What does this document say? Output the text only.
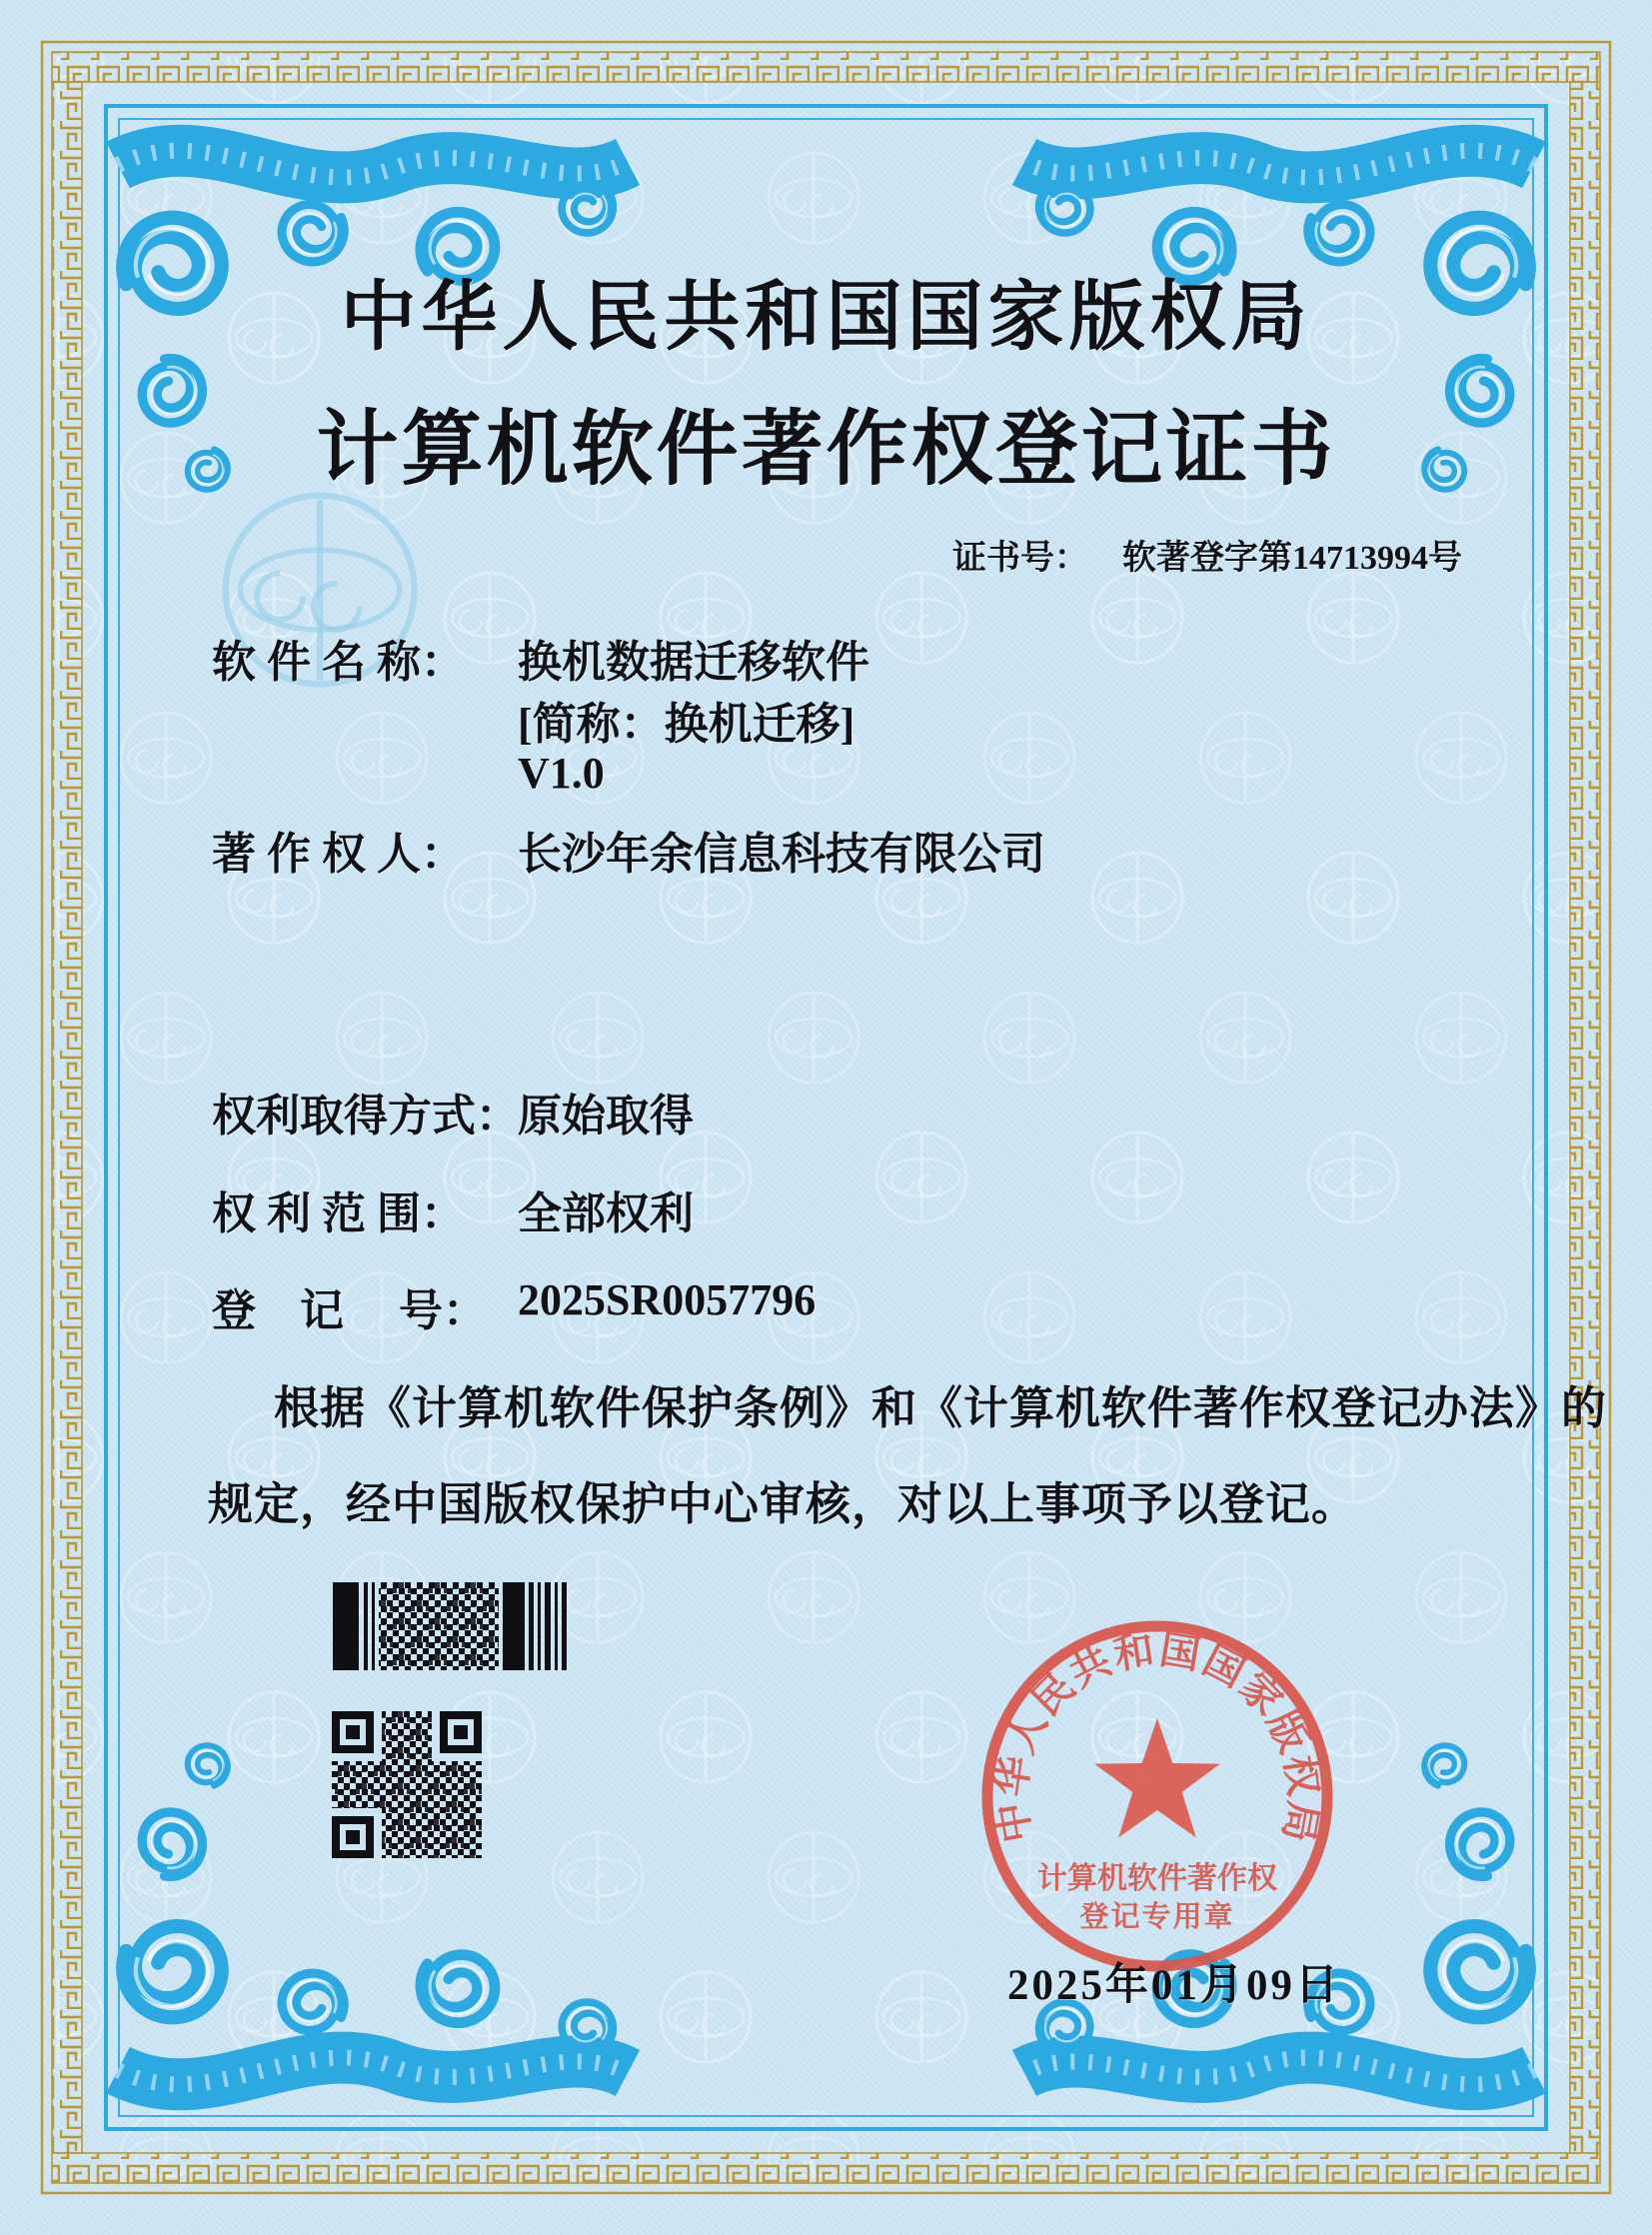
中华人民共和国国家版权局
计算机软件著作权登记证书
证书号： 软著登字第14713994号
软 件 名 称： 换机数据迁移软件
[简称：换机迁移]
V1.0
著 作 权 人： 长沙年余信息科技有限公司
权利取得方式：
原始取得
权 利 范 围： 全部权利
登　记　 号： 2025SR0057796
根据《计算机软件保护条例》和《计算机软件著作权登记办法》的
规定，经中国版权保护中心审核，对以上事项予以登记。
中华人民共和国国家版权局
计算机软件著作权
登记专用章
2025年01月09日
